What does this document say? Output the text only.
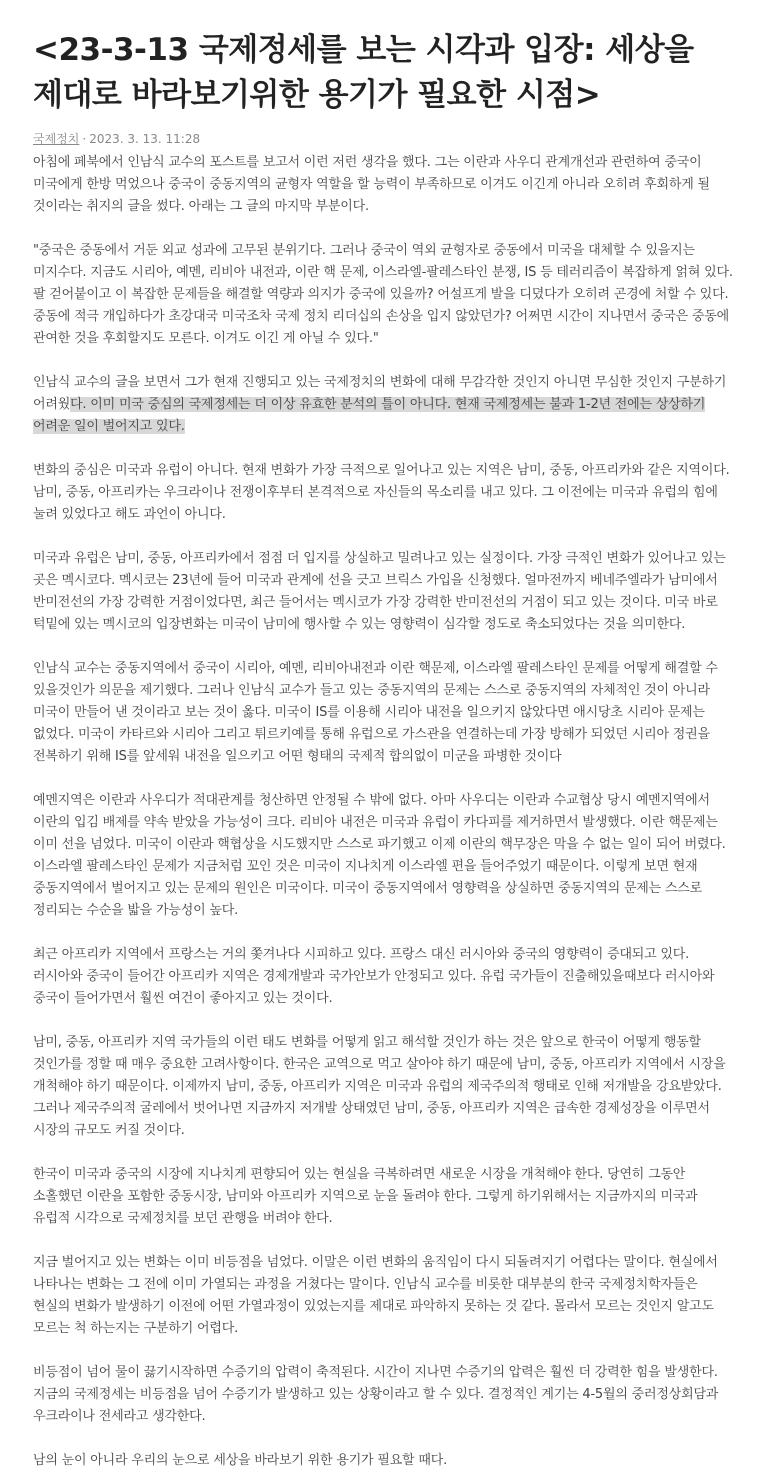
<23-3-13 국제정세를 보는 시각과 입장: 세상을 제대로 바라보기위한 용기가 필요한 시점>
국제정치 · 2023. 3. 13. 11:28

아침에 페북에서 인남식 교수의 포스트를 보고서 이런 저런 생각을 했다. 그는 이란과 사우디 관계개선과 관련하여 중국이 미국에게 한방 먹었으나 중국이 중동지역의 균형자 역할을 할 능력이 부족하므로 이겨도 이긴게 아니라 오히려 후회하게 될 것이라는 취지의 글을 썼다. 아래는 그 글의 마지막 부분이다.

"중국은 중동에서 거둔 외교 성과에 고무된 분위기다. 그러나 중국이 역외 균형자로 중동에서 미국을 대체할 수 있을지는 미지수다. 지금도 시리아, 예멘, 리비아 내전과, 이란 핵 문제, 이스라엘-팔레스타인 분쟁, IS 등 테러리즘이 복잡하게 얽혀 있다. 팔 걷어붙이고 이 복잡한 문제들을 해결할 역량과 의지가 중국에 있을까? 어설프게 발을 디뎠다가 오히려 곤경에 처할 수 있다. 중동에 적극 개입하다가 초강대국 미국조차 국제 정치 리더십의 손상을 입지 않았던가? 어쩌면 시간이 지나면서 중국은 중동에 관여한 것을 후회할지도 모른다. 이겨도 이긴 게 아닐 수 있다."

인남식 교수의 글을 보면서 그가 현재 진행되고 있는 국제정치의 변화에 대해 무감각한 것인지 아니면 무심한 것인지 구분하기 어려웠다. 이미 미국 중심의 국제정세는 더 이상 유효한 분석의 틀이 아니다. 현재 국제정세는 불과 1-2년 전에는 상상하기 어려운 일이 벌어지고 있다.

변화의 중심은 미국과 유럽이 아니다. 현재 변화가 가장 극적으로 일어나고 있는 지역은 남미, 중동, 아프리카와 같은 지역이다. 남미, 중동, 아프리카는 우크라이나 전쟁이후부터 본격적으로 자신들의 목소리를 내고 있다. 그 이전에는 미국과 유럽의 힘에 눌려 있었다고 해도 과언이 아니다.

미국과 유럽은 남미, 중동, 아프리카에서 점점 더 입지를 상실하고 밀려나고 있는 실정이다. 가장 극적인 변화가 있어나고 있는 곳은 멕시코다. 멕시코는 23년에 들어 미국과 관계에 선을 긋고 브릭스 가입을 신청했다. 얼마전까지 베네주엘라가 남미에서 반미전선의 가장 강력한 거점이었다면, 최근 들어서는 멕시코가 가장 강력한 반미전선의 거점이 되고 있는 것이다. 미국 바로 턱밑에 있는 멕시코의 입장변화는 미국이 남미에 행사할 수 있는 영향력이 심각할 정도로 축소되었다는 것을 의미한다.

인남식 교수는 중동지역에서 중국이 시리아, 예멘, 리비아내전과 이란 핵문제, 이스라엘 팔레스타인 문제를 어떻게 해결할 수 있을것인가 의문을 제기했다. 그러나 인남식 교수가 들고 있는 중동지역의 문제는 스스로 중동지역의 자체적인 것이 아니라 미국이 만들어 낸 것이라고 보는 것이 옳다. 미국이 IS를 이용해 시리아 내전을 일으키지 않았다면 애시당초 시리아 문제는 없었다. 미국이 카타르와 시리아 그리고 튀르키예를 통해 유럽으로 가스관을 연결하는데 가장 방해가 되었던 시리아 정권을 전복하기 위해 IS를 앞세워 내전을 일으키고 어떤 형태의 국제적 합의없이 미군을 파병한 것이다

예멘지역은 이란과 사우디가 적대관계를 청산하면 안정될 수 밖에 없다. 아마 사우디는 이란과 수교협상 당시 예멘지역에서 이란의 입김 배제를 약속 받았을 가능성이 크다. 리비아 내전은 미국과 유럽이 카다피를 제거하면서 발생했다. 이란 핵문제는 이미 선을 넘었다. 미국이 이란과 핵협상을 시도했지만 스스로 파기했고 이제 이란의 핵무장은 막을 수 없는 일이 되어 버렸다. 이스라엘 팔레스타인 문제가 지금처럼 꼬인 것은 미국이 지나치게 이스라엘 편을 들어주었기 때문이다. 이렇게 보면 현재 중동지역에서 벌어지고 있는 문제의 원인은 미국이다. 미국이 중동지역에서 영향력을 상실하면 중동지역의 문제는 스스로 정리되는 수순을 밟을 가능성이 높다.

최근 아프리카 지역에서 프랑스는 거의 쫓겨나다 시피하고 있다. 프랑스 대신 러시아와 중국의 영향력이 증대되고 있다. 러시아와 중국이 들어간 아프리카 지역은 경제개발과 국가안보가 안정되고 있다. 유럽 국가들이 진출해있을때보다 러시아와 중국이 들어가면서 훨씬 여건이 좋아지고 있는 것이다.

남미, 중동, 아프리카 지역 국가들의 이런 태도 변화를 어떻게 읽고 해석할 것인가 하는 것은 앞으로 한국이 어떻게 행동할 것인가를 정할 때 매우 중요한 고려사항이다. 한국은 교역으로 먹고 살아야 하기 때문에 남미, 중동, 아프리카 지역에서 시장을 개척해야 하기 때문이다. 이제까지 남미, 중동, 아프리카 지역은 미국과 유럽의 제국주의적 행태로 인해 저개발을 강요받았다. 그러나 제국주의적 굴레에서 벗어나면 지금까지 저개발 상태였던 남미, 중동, 아프리카 지역은 급속한 경제성장을 이루면서 시장의 규모도 커질 것이다.

한국이 미국과 중국의 시장에 지나치게 편향되어 있는 현실을 극복하려면 새로운 시장을 개척해야 한다. 당연히 그동안 소홀했던 이란을 포함한 중동시장, 남미와 아프리카 지역으로 눈을 돌려야 한다. 그렇게 하기위해서는 지금까지의 미국과 유럽적 시각으로 국제정치를 보던 관행을 버려야 한다.

지금 벌어지고 있는 변화는 이미 비등점을 넘었다. 이말은 이런 변화의 움직임이 다시 되돌려지기 어렵다는 말이다. 현실에서 나타나는 변화는 그 전에 이미 가열되는 과정을 거쳤다는 말이다. 인남식 교수를 비롯한 대부분의 한국 국제정치학자들은 현실의 변화가 발생하기 이전에 어떤 가열과정이 있었는지를 제대로 파악하지 못하는 것 같다. 몰라서 모르는 것인지 알고도 모르는 척 하는지는 구분하기 어렵다.

비등점이 넘어 물이 끓기시작하면 수증기의 압력이 축적된다. 시간이 지나면 수증기의 압력은 훨씬 더 강력한 힘을 발생한다. 지금의 국제정세는 비등점을 넘어 수증기가 발생하고 있는 상황이라고 할 수 있다. 결정적인 계기는 4-5월의 중러정상회담과 우크라이나 전세라고 생각한다.

남의 눈이 아니라 우리의 눈으로 세상을 바라보기 위한 용기가 필요할 때다.
